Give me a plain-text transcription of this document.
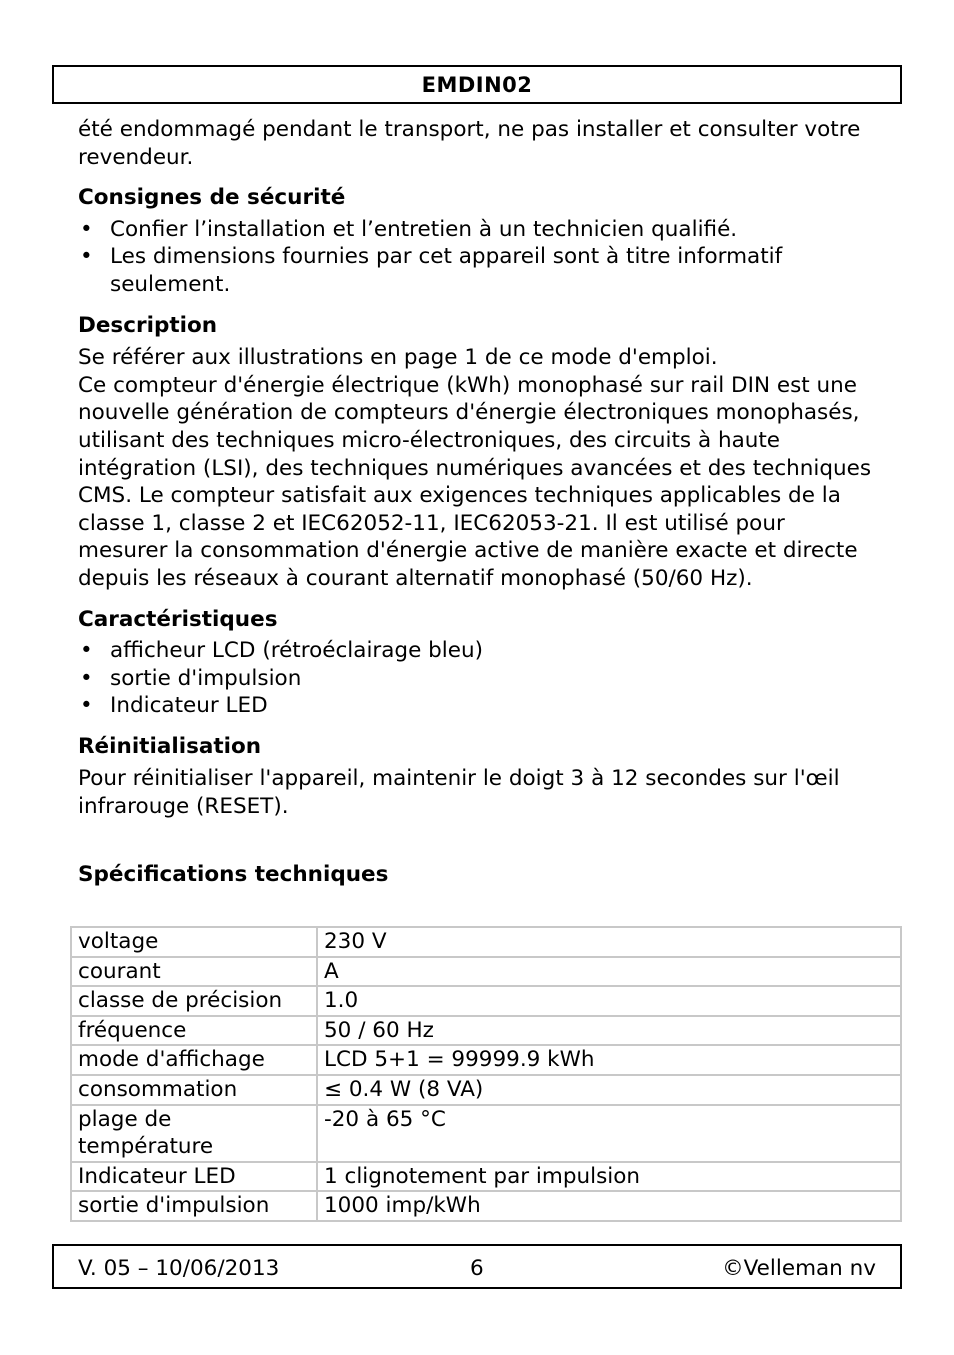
EMDIN02

été endommagé pendant le transport, ne pas installer et consulter votre revendeur.

Consignes de sécurité
• Confier l’installation et l’entretien à un technicien qualifié.
• Les dimensions fournies par cet appareil sont à titre informatif seulement.
Description

Se référer aux illustrations en page 1 de ce mode d'emploi.

Ce compteur d'énergie électrique (kWh) monophasé sur rail DIN est une nouvelle génération de compteurs d'énergie électroniques monophasés, utilisant des techniques micro-électroniques, des circuits à haute intégration (LSI), des techniques numériques avancées et des techniques CMS. Le compteur satisfait aux exigences techniques applicables de la classe 1, classe 2 et IEC62052-11, IEC62053-21. Il est utilisé pour mesurer la consommation d'énergie active de manière exacte et directe depuis les réseaux à courant alternatif monophasé (50/60 Hz).

Caractéristiques
• afficheur LCD (rétroéclairage bleu)
• sortie d'impulsion
• Indicateur LED
Réinitialisation

Pour réinitialiser l'appareil, maintenir le doigt 3 à 12 secondes sur l'œil infrarouge (RESET).

Spécifications techniques
voltage	230 V
courant	A
classe de précision	1.0
fréquence	50 / 60 Hz
mode d'affichage	LCD 5+1 = 99999.9 kWh
consommation	≤ 0.4 W (8 VA)
plage de température	-20 à 65 °C
Indicateur LED	1 clignotement par impulsion
sortie d'impulsion	1000 imp/kWh
V. 05 – 10/06/2013	6	©Velleman nv
